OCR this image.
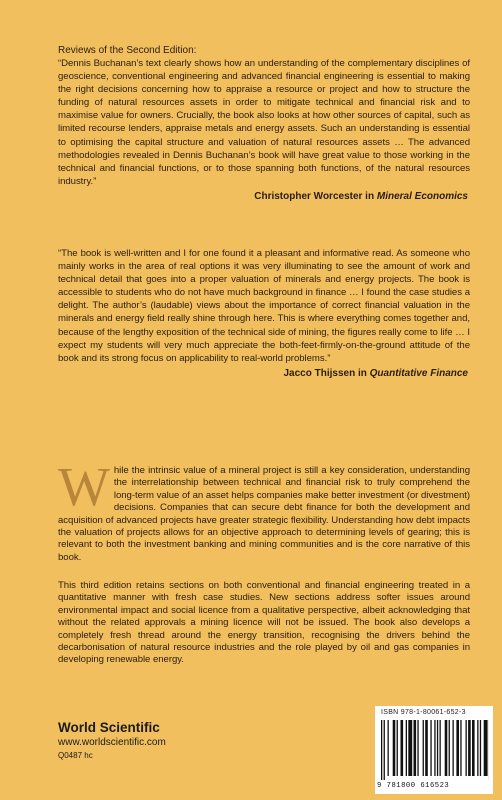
Reviews of the Second Edition:

“Dennis Buchanan’s text clearly shows how an understanding of the complementary disciplines of geoscience, conventional engineering and advanced financial engineering is essential to making the right decisions concerning how to appraise a resource or project and how to structure the funding of natural resources assets in order to mitigate technical and financial risk and to maximise value for owners. Crucially, the book also looks at how other sources of capital, such as limited recourse lenders, appraise metals and energy assets. Such an understanding is essential to optimising the capital structure and valuation of natural resources assets … The advanced methodologies revealed in Dennis Buchanan’s book will have great value to those working in the technical and financial functions, or to those spanning both functions, of the natural resources industry.”

Christopher Worcester in Mineral Economics

“The book is well-written and I for one found it a pleasant and informative read. As someone who mainly works in the area of real options it was very illuminating to see the amount of work and technical detail that goes into a proper valuation of minerals and energy projects. The book is accessible to students who do not have much background in finance … I found the case studies a delight. The author’s (laudable) views about the importance of correct financial valuation in the minerals and energy field really shine through here. This is where everything comes together and, because of the lengthy exposition of the technical side of mining, the figures really come to life … I expect my students will very much appreciate the both-feet-firmly-on-the-ground attitude of the book and its strong focus on applicability to real-world problems.”

Jacco Thijssen in Quantitative Finance

While the intrinsic value of a mineral project is still a key consideration, understanding the interrelationship between technical and financial risk to truly comprehend the long-term value of an asset helps companies make better investment (or divestment) decisions. Companies that can secure debt finance for both the development and acquisition of advanced projects have greater strategic flexibility. Understanding how debt impacts the valuation of projects allows for an objective approach to determining levels of gearing; this is relevant to both the investment banking and mining communities and is the core narrative of this book.

This third edition retains sections on both conventional and financial engineering treated in a quantitative manner with fresh case studies. New sections address softer issues around environmental impact and social licence from a qualitative perspective, albeit acknowledging that without the related approvals a mining licence will not be issued. The book also develops a completely fresh thread around the energy transition, recognising the drivers behind the decarbonisation of natural resource industries and the role played by oil and gas companies in developing renewable energy.

World Scientific
www.worldscientific.com
Q0487 hc
ISBN 978-1-80061-652-3
9 781800 616523
